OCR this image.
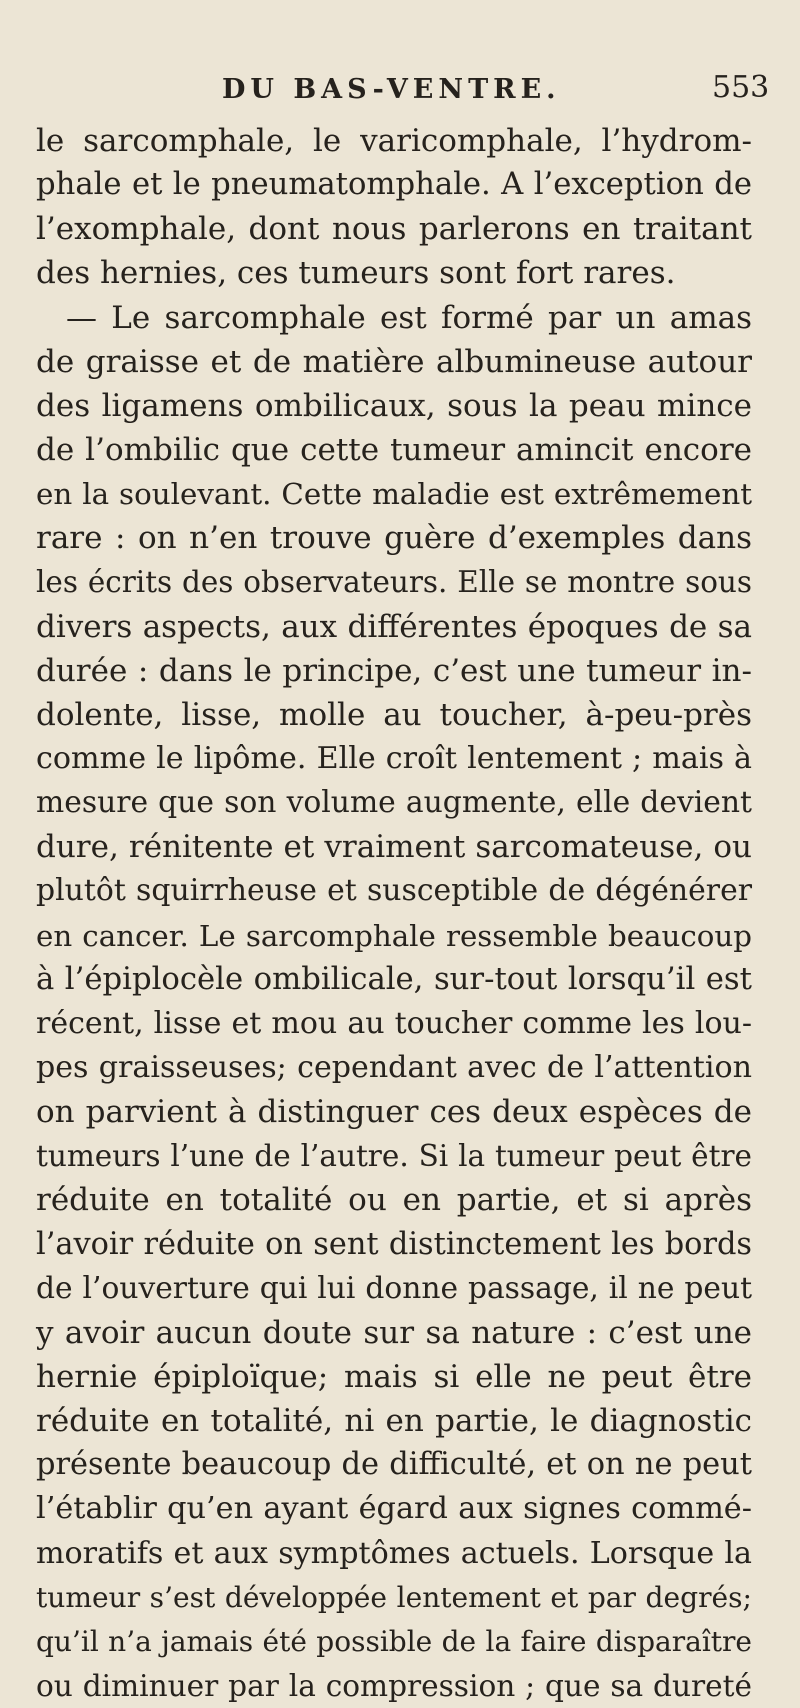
DU BAS-VENTRE.	553
le sarcomphale, le varicomphale, l’hydrom-
phale et le pneumatomphale. A l’exception de
l’exomphale, dont nous parlerons en traitant
des hernies, ces tumeurs sont fort rares.
— Le sarcomphale est formé par un amas
de graisse et de matière albumineuse autour
des ligamens ombilicaux, sous la peau mince
de l’ombilic que cette tumeur amincit encore
en la soulevant. Cette maladie est extrêmement
rare : on n’en trouve guère d’exemples dans
les écrits des observateurs. Elle se montre sous
divers aspects, aux différentes époques de sa
durée : dans le principe, c’est une tumeur in-
dolente, lisse, molle au toucher, à-peu-près
comme le lipôme. Elle croît lentement ; mais à
mesure que son volume augmente, elle devient
dure, rénitente et vraiment sarcomateuse, ou
plutôt squirrheuse et susceptible de dégénérer
en cancer. Le sarcomphale ressemble beaucoup
à l’épiplocèle ombilicale, sur-tout lorsqu’il est
récent, lisse et mou au toucher comme les lou-
pes graisseuses; cependant avec de l’attention
on parvient à distinguer ces deux espèces de
tumeurs l’une de l’autre. Si la tumeur peut être
réduite en totalité ou en partie, et si après
l’avoir réduite on sent distinctement les bords
de l’ouverture qui lui donne passage, il ne peut
y avoir aucun doute sur sa nature : c’est une
hernie épiploïque; mais si elle ne peut être
réduite en totalité, ni en partie, le diagnostic
présente beaucoup de difficulté, et on ne peut
l’établir qu’en ayant égard aux signes commé-
moratifs et aux symptômes actuels. Lorsque la
tumeur s’est développée lentement et par degrés;
qu’il n’a jamais été possible de la faire disparaître
ou diminuer par la compression ; que sa dureté
